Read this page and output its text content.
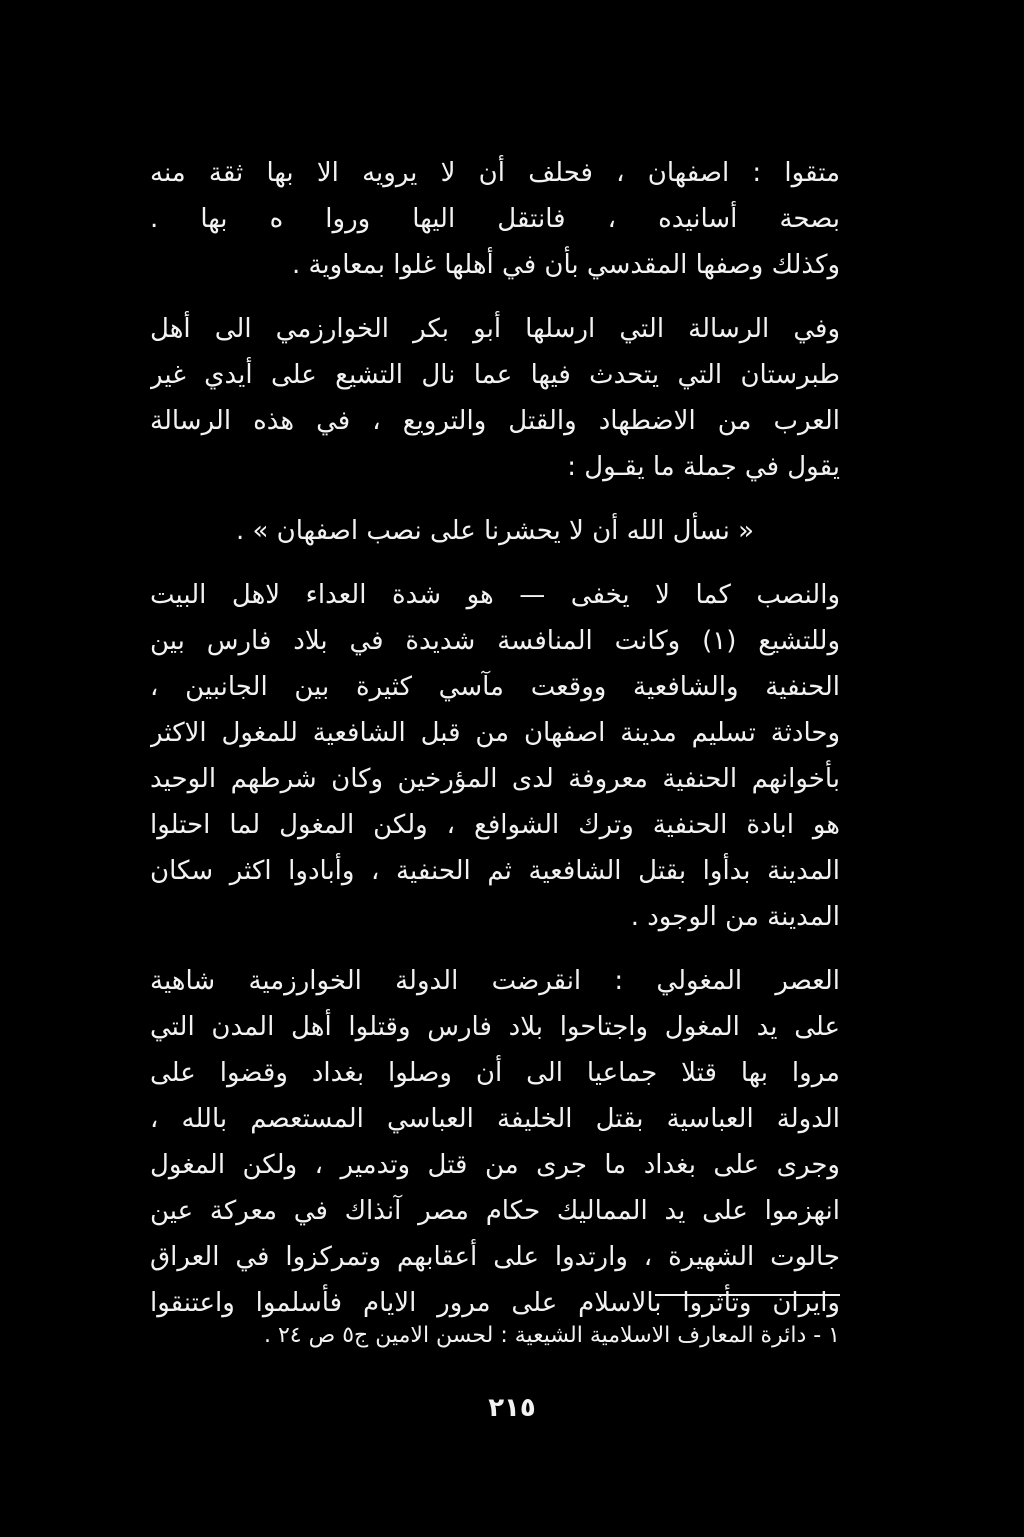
متقوا : اصفهان ، فحلف أن لا يرويه الا بها ثقة منه
بصحة أسانيده ، فانتقل اليها وروا ه بها .
وكذلك وصفها المقدسي بأن في أهلها غلوا بمعاوية .
وفي الرسالة التي ارسلها أبو بكر الخوارزمي الى أهل
طبرستان التي يتحدث فيها عما نال التشيع على أيدي غير
العرب من الاضطهاد والقتل والترويع ، في هذه الرسالة
يقول في جملة ما يقـول :
« نسأل الله أن لا يحشرنا على نصب اصفهان » .
والنصب كما لا يخفى — هو شدة العداء لاهل البيت
وللتشيع (١) وكانت المنافسة شديدة في بلاد فارس بين
الحنفية والشافعية ووقعت مآسي كثيرة بين الجانبين ،
وحادثة تسليم مدينة اصفهان من قبل الشافعية للمغول الاكثر
بأخوانهم الحنفية معروفة لدى المؤرخين وكان شرطهم الوحيد
هو ابادة الحنفية وترك الشوافع ، ولكن المغول لما احتلوا
المدينة بدأوا بقتل الشافعية ثم الحنفية ، وأبادوا اكثر سكان
المدينة من الوجود .
العصر المغولي : انقرضت الدولة الخوارزمية شاهية
على يد المغول واجتاحوا بلاد فارس وقتلوا أهل المدن التي
مروا بها قتلا جماعيا الى أن وصلوا بغداد وقضوا على
الدولة العباسية بقتل الخليفة العباسي المستعصم بالله ،
وجرى على بغداد ما جرى من قتل وتدمير ، ولكن المغول
انهزموا على يد المماليك حكام مصر آنذاك في معركة عين
جالوت الشهيرة ، وارتدوا على أعقابهم وتمركزوا في العراق
وايران وتأثروا بالاسلام على مرور الايام فأسلموا واعتنقوا
١ - دائرة المعارف الاسلامية الشيعية : لحسن الامين ج٥ ص ٢٤ .
٢١٥
